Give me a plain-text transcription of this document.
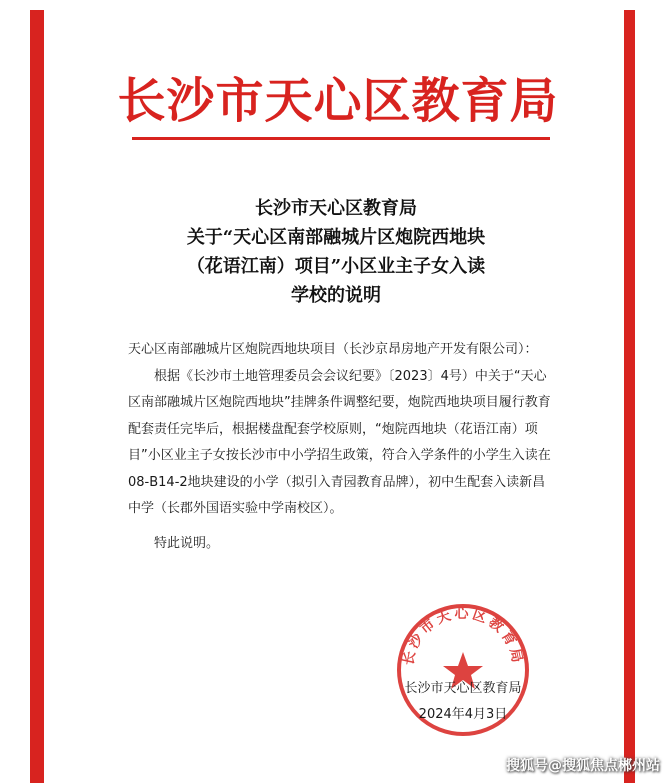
长沙市天心区教育局
长沙市天心区教育局
关于“天心区南部融城片区炮院西地块
（花语江南）项目”小区业主子女入读
学校的说明

天心区南部融城片区炮院西地块项目（长沙京昂房地产开发有限公司）：

根据《长沙市土地管理委员会会议纪要》〔2023〕4号）中关于“天心区南部融城片区炮院西地块”挂牌条件调整纪要，炮院西地块项目履行教育配套责任完毕后，根据楼盘配套学校原则，“炮院西地块（花语江南）项目”小区业主子女按长沙市中小学招生政策，符合入学条件的小学生入读在08-B14-2地块建设的小学（拟引入青园教育品牌），初中生配套入读新昌中学（长郡外国语实验中学南校区）。

特此说明。

长沙市天心区教育局
长沙市天心区教育局
2024年4月3日
搜狐号@搜狐焦点郴州站
